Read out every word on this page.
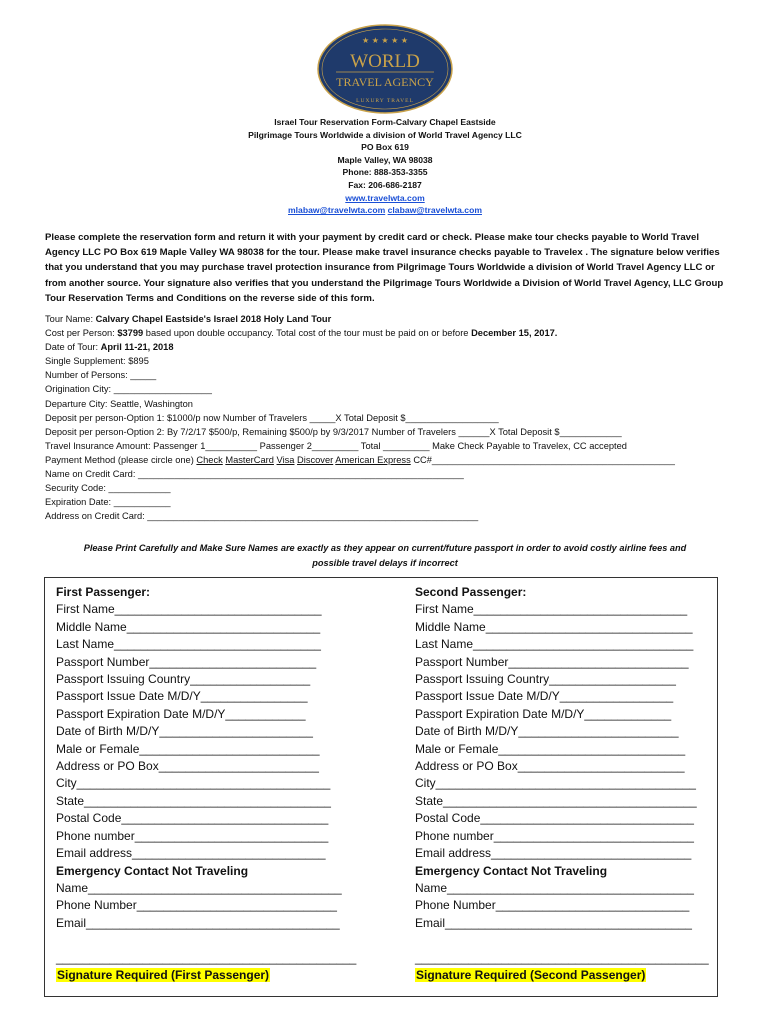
★ ★ ★ ★ ★
WORLD
TRAVEL AGENCY
LUXURY TRAVEL
Israel Tour Reservation Form-Calvary Chapel Eastside
Pilgrimage Tours Worldwide a division of World Travel Agency LLC
PO Box 619
Maple Valley, WA 98038
Phone: 888-353-3355
Fax: 206-686-2187
www.travelwta.com
mlabaw@travelwta.com clabaw@travelwta.com
Please complete the reservation form and return it with your payment by credit card or check. Please make tour checks payable to World Travel Agency LLC PO Box 619 Maple Valley WA 98038 for the tour. Please make travel insurance checks payable to Travelex . The signature below verifies that you understand that you may purchase travel protection insurance from Pilgrimage Tours Worldwide a division of World Travel Agency LLC or from another source. Your signature also verifies that you understand the Pilgrimage Tours Worldwide a Division of World Travel Agency, LLC Group Tour Reservation Terms and Conditions on the reverse side of this form.
Tour Name: Calvary Chapel Eastside's Israel 2018 Holy Land Tour
Cost per Person: $3799 based upon double occupancy. Total cost of the tour must be paid on or before December 15, 2017.
Date of Tour: April 11-21, 2018
Single Supplement: $895
Number of Persons: _____
Origination City: ___________________
Departure City: Seattle, Washington
Deposit per person-Option 1: $1000/p now Number of Travelers _____X Total Deposit $__________________
Deposit per person-Option 2: By 7/2/17 $500/p, Remaining $500/p by 9/3/2017 Number of Travelers ______X Total Deposit $____________
Travel Insurance Amount: Passenger 1__________ Passenger 2_________ Total _________ Make Check Payable to Travelex, CC accepted
Payment Method (please circle one) Check MasterCard Visa Discover American Express CC#_______________________________________________
Name on Credit Card: _______________________________________________________________
Security Code: ____________
Expiration Date: ___________
Address on Credit Card: ________________________________________________________________
Please Print Carefully and Make Sure Names are exactly as they appear on current/future passport in order to avoid costly airline fees and
possible travel delays if incorrect
First Passenger:
First Name_______________________________
Middle Name_____________________________
Last Name_______________________________
Passport Number_________________________
Passport Issuing Country__________________
Passport Issue Date M/D/Y________________
Passport Expiration Date M/D/Y____________
Date of Birth M/D/Y_______________________
Male or Female___________________________
Address or PO Box________________________
City______________________________________
State_____________________________________
Postal Code_______________________________
Phone number_____________________________
Email address_____________________________
Emergency Contact Not Traveling
Name______________________________________
Phone Number______________________________
Email______________________________________
_____________________________________________
Signature Required (First Passenger)
Second Passenger:
First Name________________________________
Middle Name_______________________________
Last Name_________________________________
Passport Number___________________________
Passport Issuing Country___________________
Passport Issue Date M/D/Y_________________
Passport Expiration Date M/D/Y_____________
Date of Birth M/D/Y________________________
Male or Female____________________________
Address or PO Box_________________________
City_______________________________________
State______________________________________
Postal Code________________________________
Phone number______________________________
Email address______________________________
Emergency Contact Not Traveling
Name_____________________________________
Phone Number_____________________________
Email_____________________________________
____________________________________________
Signature Required (Second Passenger)
